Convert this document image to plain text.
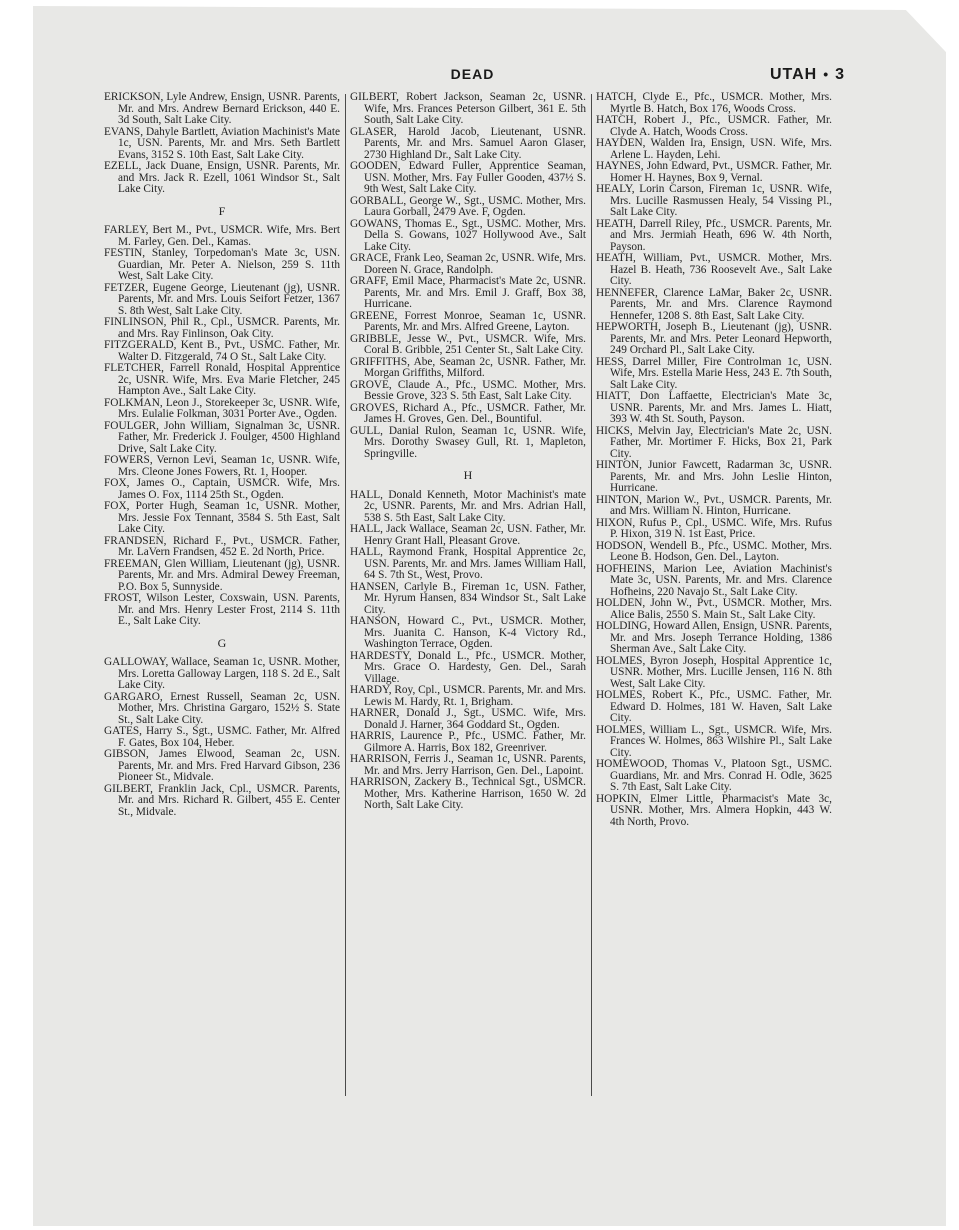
DEAD	UTAH • 3

ERICKSON, Lyle Andrew, Ensign, USNR. Parents, Mr. and Mrs. Andrew Bernard Erickson, 440 E. 3d South, Salt Lake City.

EVANS, Dahyle Bartlett, Aviation Machinist's Mate 1c, USN. Parents, Mr. and Mrs. Seth Bartlett Evans, 3152 S. 10th East, Salt Lake City.

EZELL, Jack Duane, Ensign, USNR. Parents, Mr. and Mrs. Jack R. Ezell, 1061 Windsor St., Salt Lake City.

F

FARLEY, Bert M., Pvt., USMCR. Wife, Mrs. Bert M. Farley, Gen. Del., Kamas.

FESTIN, Stanley, Torpedoman's Mate 3c, USN. Guardian, Mr. Peter A. Nielson, 259 S. 11th West, Salt Lake City.

FETZER, Eugene George, Lieutenant (jg), USNR. Parents, Mr. and Mrs. Louis Seifort Fetzer, 1367 S. 8th West, Salt Lake City.

FINLINSON, Phil R., Cpl., USMCR. Parents, Mr. and Mrs. Ray Finlinson, Oak City.

FITZGERALD, Kent B., Pvt., USMC. Father, Mr. Walter D. Fitzgerald, 74 O St., Salt Lake City.

FLETCHER, Farrell Ronald, Hospital Apprentice 2c, USNR. Wife, Mrs. Eva Marie Fletcher, 245 Hampton Ave., Salt Lake City.

FOLKMAN, Leon J., Storekeeper 3c, USNR. Wife, Mrs. Eulalie Folkman, 3031 Porter Ave., Ogden.

FOULGER, John William, Signalman 3c, USNR. Father, Mr. Frederick J. Foulger, 4500 Highland Drive, Salt Lake City.

FOWERS, Vernon Levi, Seaman 1c, USNR. Wife, Mrs. Cleone Jones Fowers, Rt. 1, Hooper.

FOX, James O., Captain, USMCR. Wife, Mrs. James O. Fox, 1114 25th St., Ogden.

FOX, Porter Hugh, Seaman 1c, USNR. Mother, Mrs. Jessie Fox Tennant, 3584 S. 5th East, Salt Lake City.

FRANDSEN, Richard F., Pvt., USMCR. Father, Mr. LaVern Frandsen, 452 E. 2d North, Price.

FREEMAN, Glen William, Lieutenant (jg), USNR. Parents, Mr. and Mrs. Admiral Dewey Freeman, P.O. Box 5, Sunnyside.

FROST, Wilson Lester, Coxswain, USN. Parents, Mr. and Mrs. Henry Lester Frost, 2114 S. 11th E., Salt Lake City.

G

GALLOWAY, Wallace, Seaman 1c, USNR. Mother, Mrs. Loretta Galloway Largen, 118 S. 2d E., Salt Lake City.

GARGARO, Ernest Russell, Seaman 2c, USN. Mother, Mrs. Christina Gargaro, 152½ S. State St., Salt Lake City.

GATES, Harry S., Sgt., USMC. Father, Mr. Alfred F. Gates, Box 104, Heber.

GIBSON, James Elwood, Seaman 2c, USN. Parents, Mr. and Mrs. Fred Harvard Gibson, 236 Pioneer St., Midvale.

GILBERT, Franklin Jack, Cpl., USMCR. Parents, Mr. and Mrs. Richard R. Gilbert, 455 E. Center St., Midvale.

GILBERT, Robert Jackson, Seaman 2c, USNR. Wife, Mrs. Frances Peterson Gilbert, 361 E. 5th South, Salt Lake City.

GLASER, Harold Jacob, Lieutenant, USNR. Parents, Mr. and Mrs. Samuel Aaron Glaser, 2730 Highland Dr., Salt Lake City.

GOODEN, Edward Fuller, Apprentice Seaman, USN. Mother, Mrs. Fay Fuller Gooden, 437½ S. 9th West, Salt Lake City.

GORBALL, George W., Sgt., USMC. Mother, Mrs. Laura Gorball, 2479 Ave. F, Ogden.

GOWANS, Thomas E., Sgt., USMC. Mother, Mrs. Della S. Gowans, 1027 Hollywood Ave., Salt Lake City.

GRACE, Frank Leo, Seaman 2c, USNR. Wife, Mrs. Doreen N. Grace, Randolph.

GRAFF, Emil Mace, Pharmacist's Mate 2c, USNR. Parents, Mr. and Mrs. Emil J. Graff, Box 38, Hurricane.

GREENE, Forrest Monroe, Seaman 1c, USNR. Parents, Mr. and Mrs. Alfred Greene, Layton.

GRIBBLE, Jesse W., Pvt., USMCR. Wife, Mrs. Coral B. Gribble, 251 Center St., Salt Lake City.

GRIFFITHS, Abe, Seaman 2c, USNR. Father, Mr. Morgan Griffiths, Milford.

GROVE, Claude A., Pfc., USMC. Mother, Mrs. Bessie Grove, 323 S. 5th East, Salt Lake City.

GROVES, Richard A., Pfc., USMCR. Father, Mr. James H. Groves, Gen. Del., Bountiful.

GULL, Danial Rulon, Seaman 1c, USNR. Wife, Mrs. Dorothy Swasey Gull, Rt. 1, Mapleton, Springville.

H

HALL, Donald Kenneth, Motor Machinist's mate 2c, USNR. Parents, Mr. and Mrs. Adrian Hall, 538 S. 5th East, Salt Lake City.

HALL, Jack Wallace, Seaman 2c, USN. Father, Mr. Henry Grant Hall, Pleasant Grove.

HALL, Raymond Frank, Hospital Apprentice 2c, USN. Parents, Mr. and Mrs. James William Hall, 64 S. 7th St., West, Provo.

HANSEN, Carlyle B., Fireman 1c, USN. Father, Mr. Hyrum Hansen, 834 Windsor St., Salt Lake City.

HANSON, Howard C., Pvt., USMCR. Mother, Mrs. Juanita C. Hanson, K-4 Victory Rd., Washington Terrace, Ogden.

HARDESTY, Donald L., Pfc., USMCR. Mother, Mrs. Grace O. Hardesty, Gen. Del., Sarah Village.

HARDY, Roy, Cpl., USMCR. Parents, Mr. and Mrs. Lewis M. Hardy, Rt. 1, Brigham.

HARNER, Donald J., Sgt., USMC. Wife, Mrs. Donald J. Harner, 364 Goddard St., Ogden.

HARRIS, Laurence P., Pfc., USMC. Father, Mr. Gilmore A. Harris, Box 182, Greenriver.

HARRISON, Ferris J., Seaman 1c, USNR. Parents, Mr. and Mrs. Jerry Harrison, Gen. Del., Lapoint.

HARRISON, Zackery B., Technical Sgt., USMCR. Mother, Mrs. Katherine Harrison, 1650 W. 2d North, Salt Lake City.

HATCH, Clyde E., Pfc., USMCR. Mother, Mrs. Myrtle B. Hatch, Box 176, Woods Cross.

HATCH, Robert J., Pfc., USMCR. Father, Mr. Clyde A. Hatch, Woods Cross.

HAYDEN, Walden Ira, Ensign, USN. Wife, Mrs. Arlene L. Hayden, Lehi.

HAYNES, John Edward, Pvt., USMCR. Father, Mr. Homer H. Haynes, Box 9, Vernal.

HEALY, Lorin Carson, Fireman 1c, USNR. Wife, Mrs. Lucille Rasmussen Healy, 54 Vissing Pl., Salt Lake City.

HEATH, Darrell Riley, Pfc., USMCR. Parents, Mr. and Mrs. Jermiah Heath, 696 W. 4th North, Payson.

HEATH, William, Pvt., USMCR. Mother, Mrs. Hazel B. Heath, 736 Roosevelt Ave., Salt Lake City.

HENNEFER, Clarence LaMar, Baker 2c, USNR. Parents, Mr. and Mrs. Clarence Raymond Hennefer, 1208 S. 8th East, Salt Lake City.

HEPWORTH, Joseph B., Lieutenant (jg), USNR. Parents, Mr. and Mrs. Peter Leonard Hepworth, 249 Orchard Pl., Salt Lake City.

HESS, Darrel Miller, Fire Controlman 1c, USN. Wife, Mrs. Estella Marie Hess, 243 E. 7th South, Salt Lake City.

HIATT, Don Laffaette, Electrician's Mate 3c, USNR. Parents, Mr. and Mrs. James L. Hiatt, 393 W. 4th St. South, Payson.

HICKS, Melvin Jay, Electrician's Mate 2c, USN. Father, Mr. Mortimer F. Hicks, Box 21, Park City.

HINTON, Junior Fawcett, Radarman 3c, USNR. Parents, Mr. and Mrs. John Leslie Hinton, Hurricane.

HINTON, Marion W., Pvt., USMCR. Parents, Mr. and Mrs. William N. Hinton, Hurricane.

HIXON, Rufus P., Cpl., USMC. Wife, Mrs. Rufus P. Hixon, 319 N. 1st East, Price.

HODSON, Wendell B., Pfc., USMC. Mother, Mrs. Leone B. Hodson, Gen. Del., Layton.

HOFHEINS, Marion Lee, Aviation Machinist's Mate 3c, USN. Parents, Mr. and Mrs. Clarence Hofheins, 220 Navajo St., Salt Lake City.

HOLDEN, John W., Pvt., USMCR. Mother, Mrs. Alice Balis, 2550 S. Main St., Salt Lake City.

HOLDING, Howard Allen, Ensign, USNR. Parents, Mr. and Mrs. Joseph Terrance Holding, 1386 Sherman Ave., Salt Lake City.

HOLMES, Byron Joseph, Hospital Apprentice 1c, USNR. Mother, Mrs. Lucille Jensen, 116 N. 8th West, Salt Lake City.

HOLMES, Robert K., Pfc., USMC. Father, Mr. Edward D. Holmes, 181 W. Haven, Salt Lake City.

HOLMES, William L., Sgt., USMCR. Wife, Mrs. Frances W. Holmes, 863 Wilshire Pl., Salt Lake City.

HOMEWOOD, Thomas V., Platoon Sgt., USMC. Guardians, Mr. and Mrs. Conrad H. Odle, 3625 S. 7th East, Salt Lake City.

HOPKIN, Elmer Little, Pharmacist's Mate 3c, USNR. Mother, Mrs. Almera Hopkin, 443 W. 4th North, Provo.
